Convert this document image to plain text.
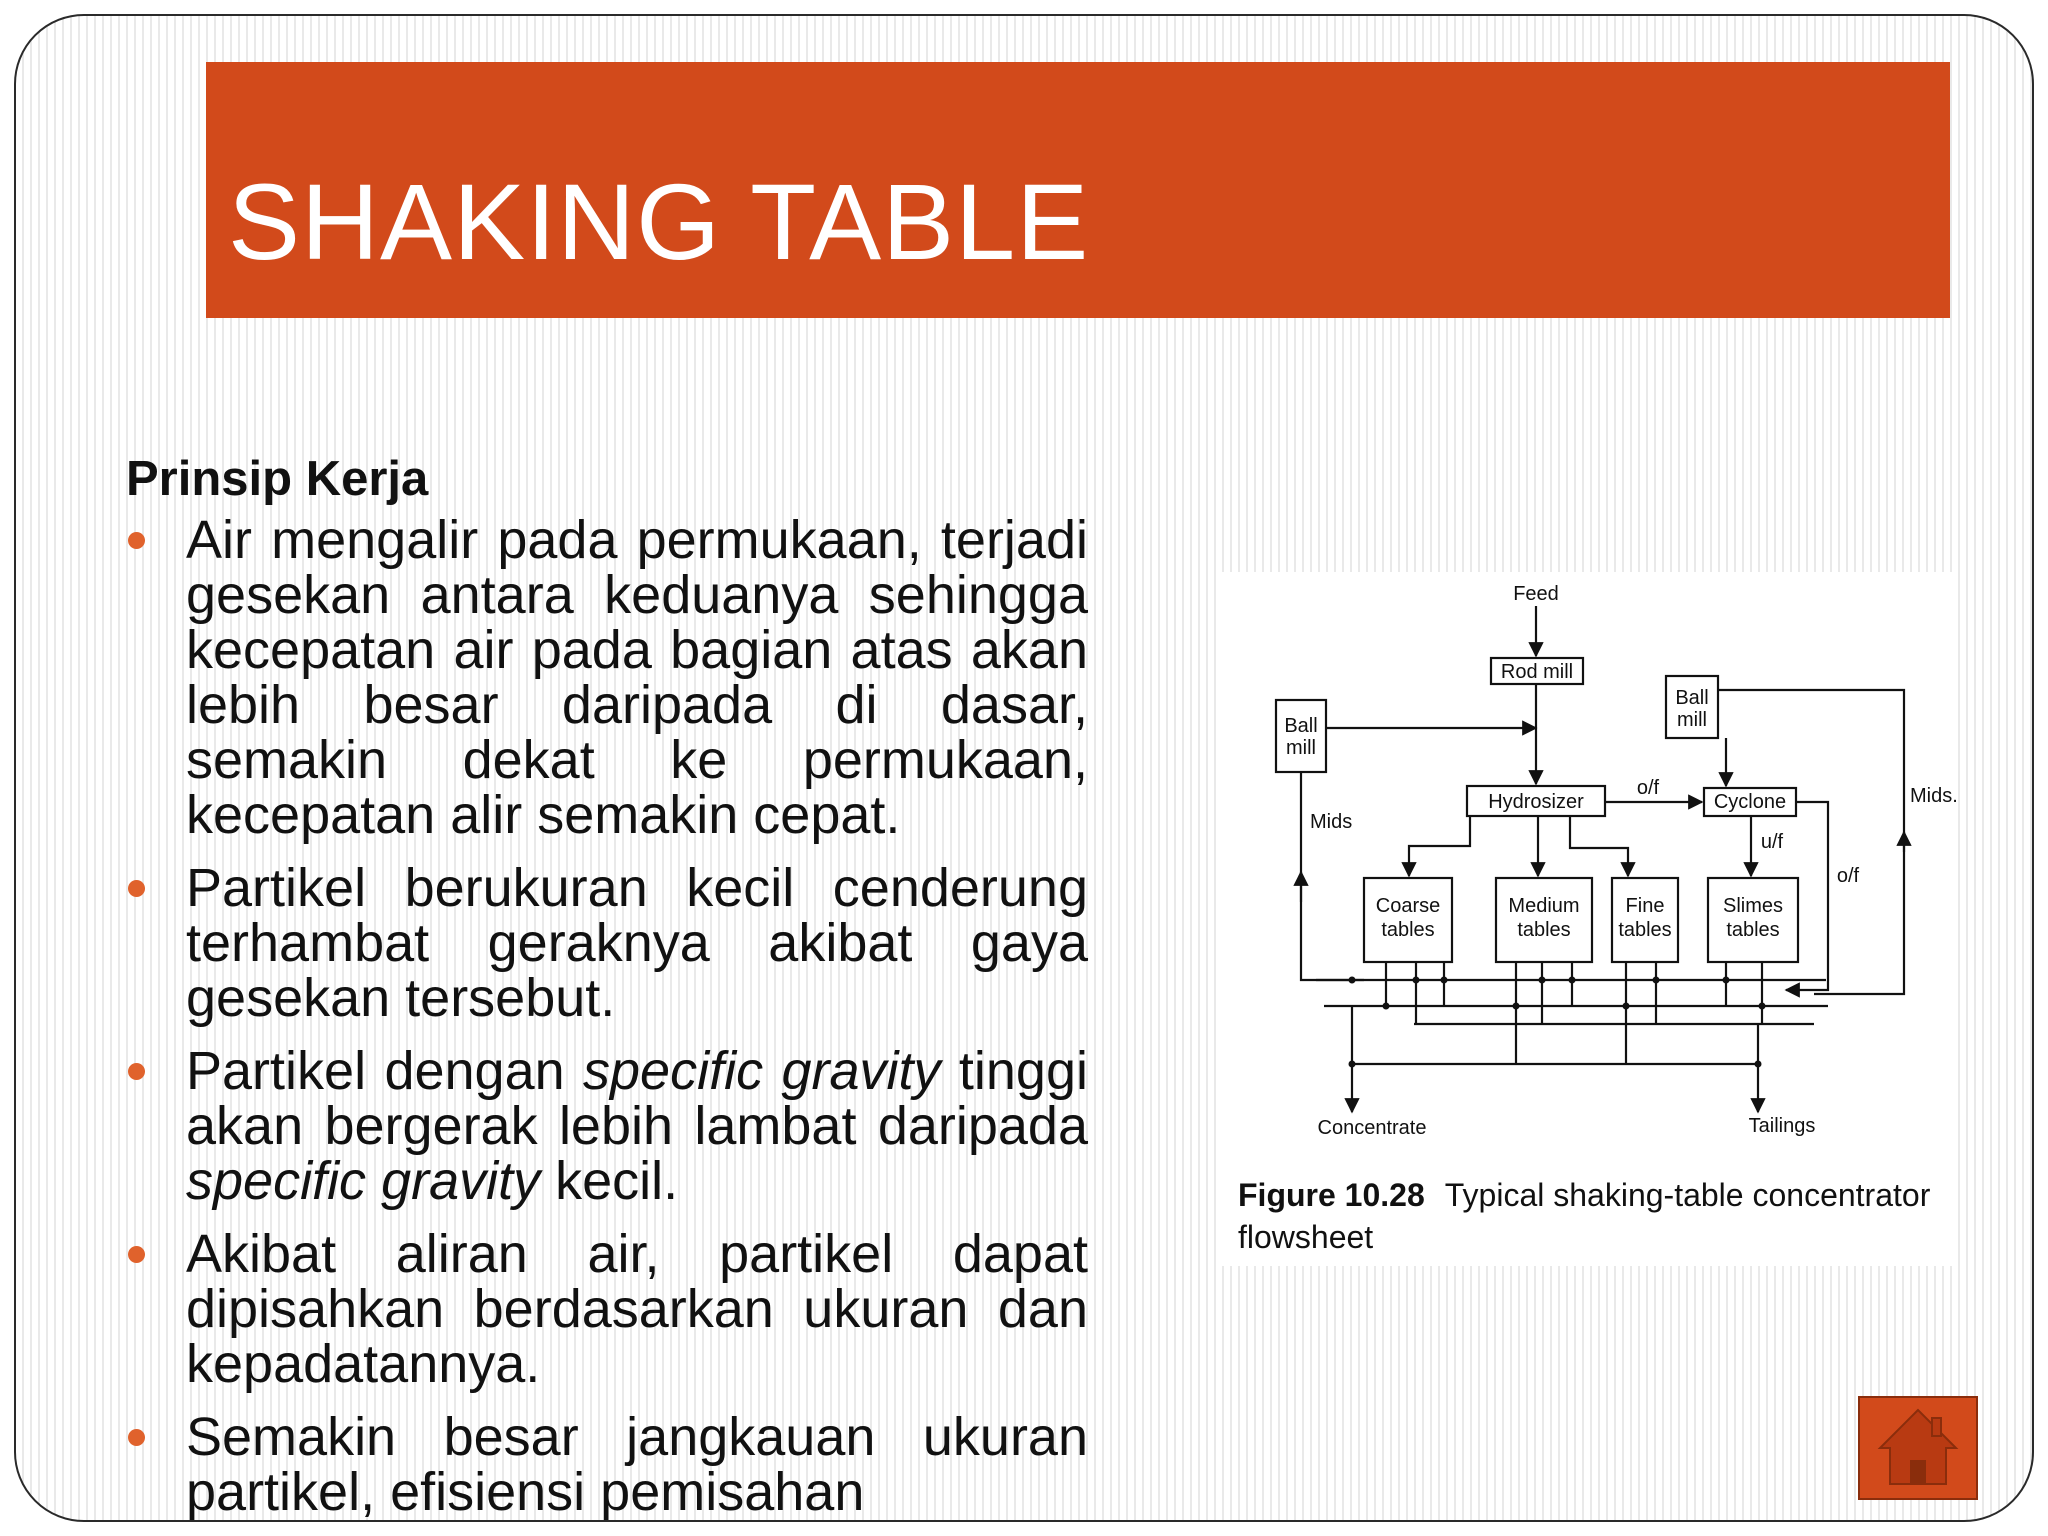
SHAKING TABLE

Prinsip Kerja

Air mengalir pada permukaan, terjadi gesekan antara keduanya sehingga kecepatan air pada bagian atas akan lebih besar daripada di dasar, semakin dekat ke permukaan, kecepatan alir semakin cepat.
Partikel berukuran kecil cenderung terhambat geraknya akibat gaya gesekan tersebut.
Partikel dengan specific gravity tinggi akan bergerak lebih lambat daripada specific gravity kecil.
Akibat aliran air, partikel dapat dipisahkan berdasarkan ukuran dan kepadatannya.
Semakin besar jangkauan ukuran partikel, efisiensi pemisahan
Feed
Rod mill
Ball
mill
Ball
mill
Mids
Mids.
Hydrosizer
o/f
Cyclone
u/f
o/f
Coarse
tables
Medium
tables
Fine
tables
Slimes
tables
Concentrate	Tailings

Figure 10.28 Typical shaking-table concentrator flowsheet
